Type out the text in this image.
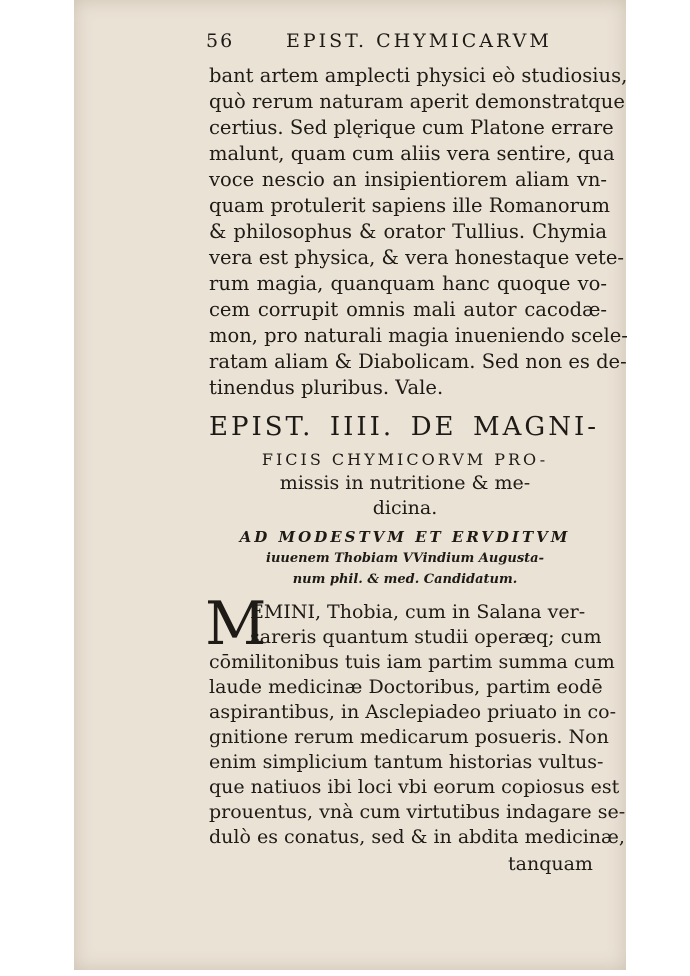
56	EPIST. CHYMICARVM
bant artem amplecti physici eò studiosius,
quò rerum naturam aperit demonstratque
certius. Sed plęrique cum Platone errare
malunt, quam cum aliis vera sentire, qua
voce nescio an insipientiorem aliam vn-
quam protulerit sapiens ille Romanorum
& philosophus & orator Tullius. Chymia
vera est physica, & vera honestaque vete-
rum magia, quanquam hanc quoque vo-
cem corrupit omnis mali autor cacodæ-
mon, pro naturali magia inueniendo scele-
ratam aliam & Diabolicam. Sed non es de-
tinendus pluribus. Vale.
EPIST. IIII. DE MAGNI-
FICIS CHYMICORVM PRO-
missis in nutritione & me-
dicina.
AD MODESTVM ET ERVDITVM
iuuenem Thobiam VVindium Augusta-
num phil. & med. Candidatum.
M
EMINI, Thobia, cum in Salana ver-
sareris quantum studii operæq; cum
cōmilitonibus tuis iam partim summa cum
laude medicinæ Doctoribus, partim eodē
aspirantibus, in Asclepiadeo priuato in co-
gnitione rerum medicarum posueris. Non
enim simplicium tantum historias vultus-
que natiuos ibi loci vbi eorum copiosus est
prouentus, vnà cum virtutibus indagare se-
dulò es conatus, sed & in abdita medicinæ,
tanquam
